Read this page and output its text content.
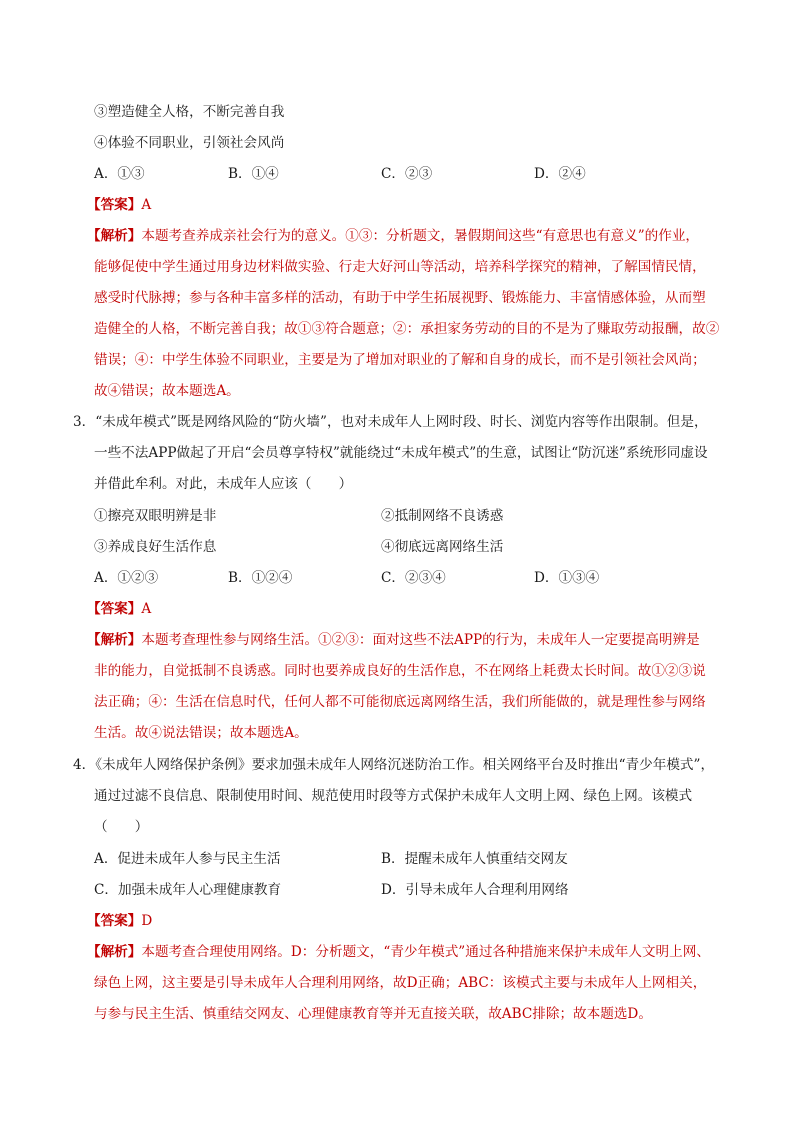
③塑造健全人格，不断完善自我
④体验不同职业，引领社会风尚
A．①③	B．①④	C．②③	D．②④
【答案】A
【解析】本题考查养成亲社会行为的意义。①③：分析题文，暑假期间这些“有意思也有意义”的作业，
能够促使中学生通过用身边材料做实验、行走大好河山等活动，培养科学探究的精神，了解国情民情，
感受时代脉搏；参与各种丰富多样的活动，有助于中学生拓展视野、锻炼能力、丰富情感体验，从而塑
造健全的人格，不断完善自我；故①③符合题意；②：承担家务劳动的目的不是为了赚取劳动报酬，故②
错误；④：中学生体验不同职业，主要是为了增加对职业的了解和自身的成长，而不是引领社会风尚；
故④错误；故本题选A。
3．“未成年模式”既是网络风险的“防火墙”，也对未成年人上网时段、时长、浏览内容等作出限制。但是，
一些不法APP做起了开启“会员尊享特权”就能绕过“未成年模式”的生意，试图让“防沉迷”系统形同虚设
并借此牟利。对此，未成年人应该（　　）
①擦亮双眼明辨是非	②抵制网络不良诱惑
③养成良好生活作息	④彻底远离网络生活
A．①②③	B．①②④	C．②③④	D．①③④
【答案】A
【解析】本题考查理性参与网络生活。①②③：面对这些不法APP的行为，未成年人一定要提高明辨是
非的能力，自觉抵制不良诱惑。同时也要养成良好的生活作息，不在网络上耗费太长时间。故①②③说
法正确；④：生活在信息时代，任何人都不可能彻底远离网络生活，我们所能做的，就是理性参与网络
生活。故④说法错误；故本题选A。
4．《未成年人网络保护条例》要求加强未成年人网络沉迷防治工作。相关网络平台及时推出“青少年模式”，
通过过滤不良信息、限制使用时间、规范使用时段等方式保护未成年人文明上网、绿色上网。该模式
（　　）
A．促进未成年人参与民主生活	B．提醒未成年人慎重结交网友
C．加强未成年人心理健康教育	D．引导未成年人合理利用网络
【答案】D
【解析】本题考查合理使用网络。D：分析题文，“青少年模式”通过各种措施来保护未成年人文明上网、
绿色上网，这主要是引导未成年人合理利用网络，故D正确；ABC：该模式主要与未成年人上网相关，
与参与民主生活、慎重结交网友、心理健康教育等并无直接关联，故ABC排除；故本题选D。
